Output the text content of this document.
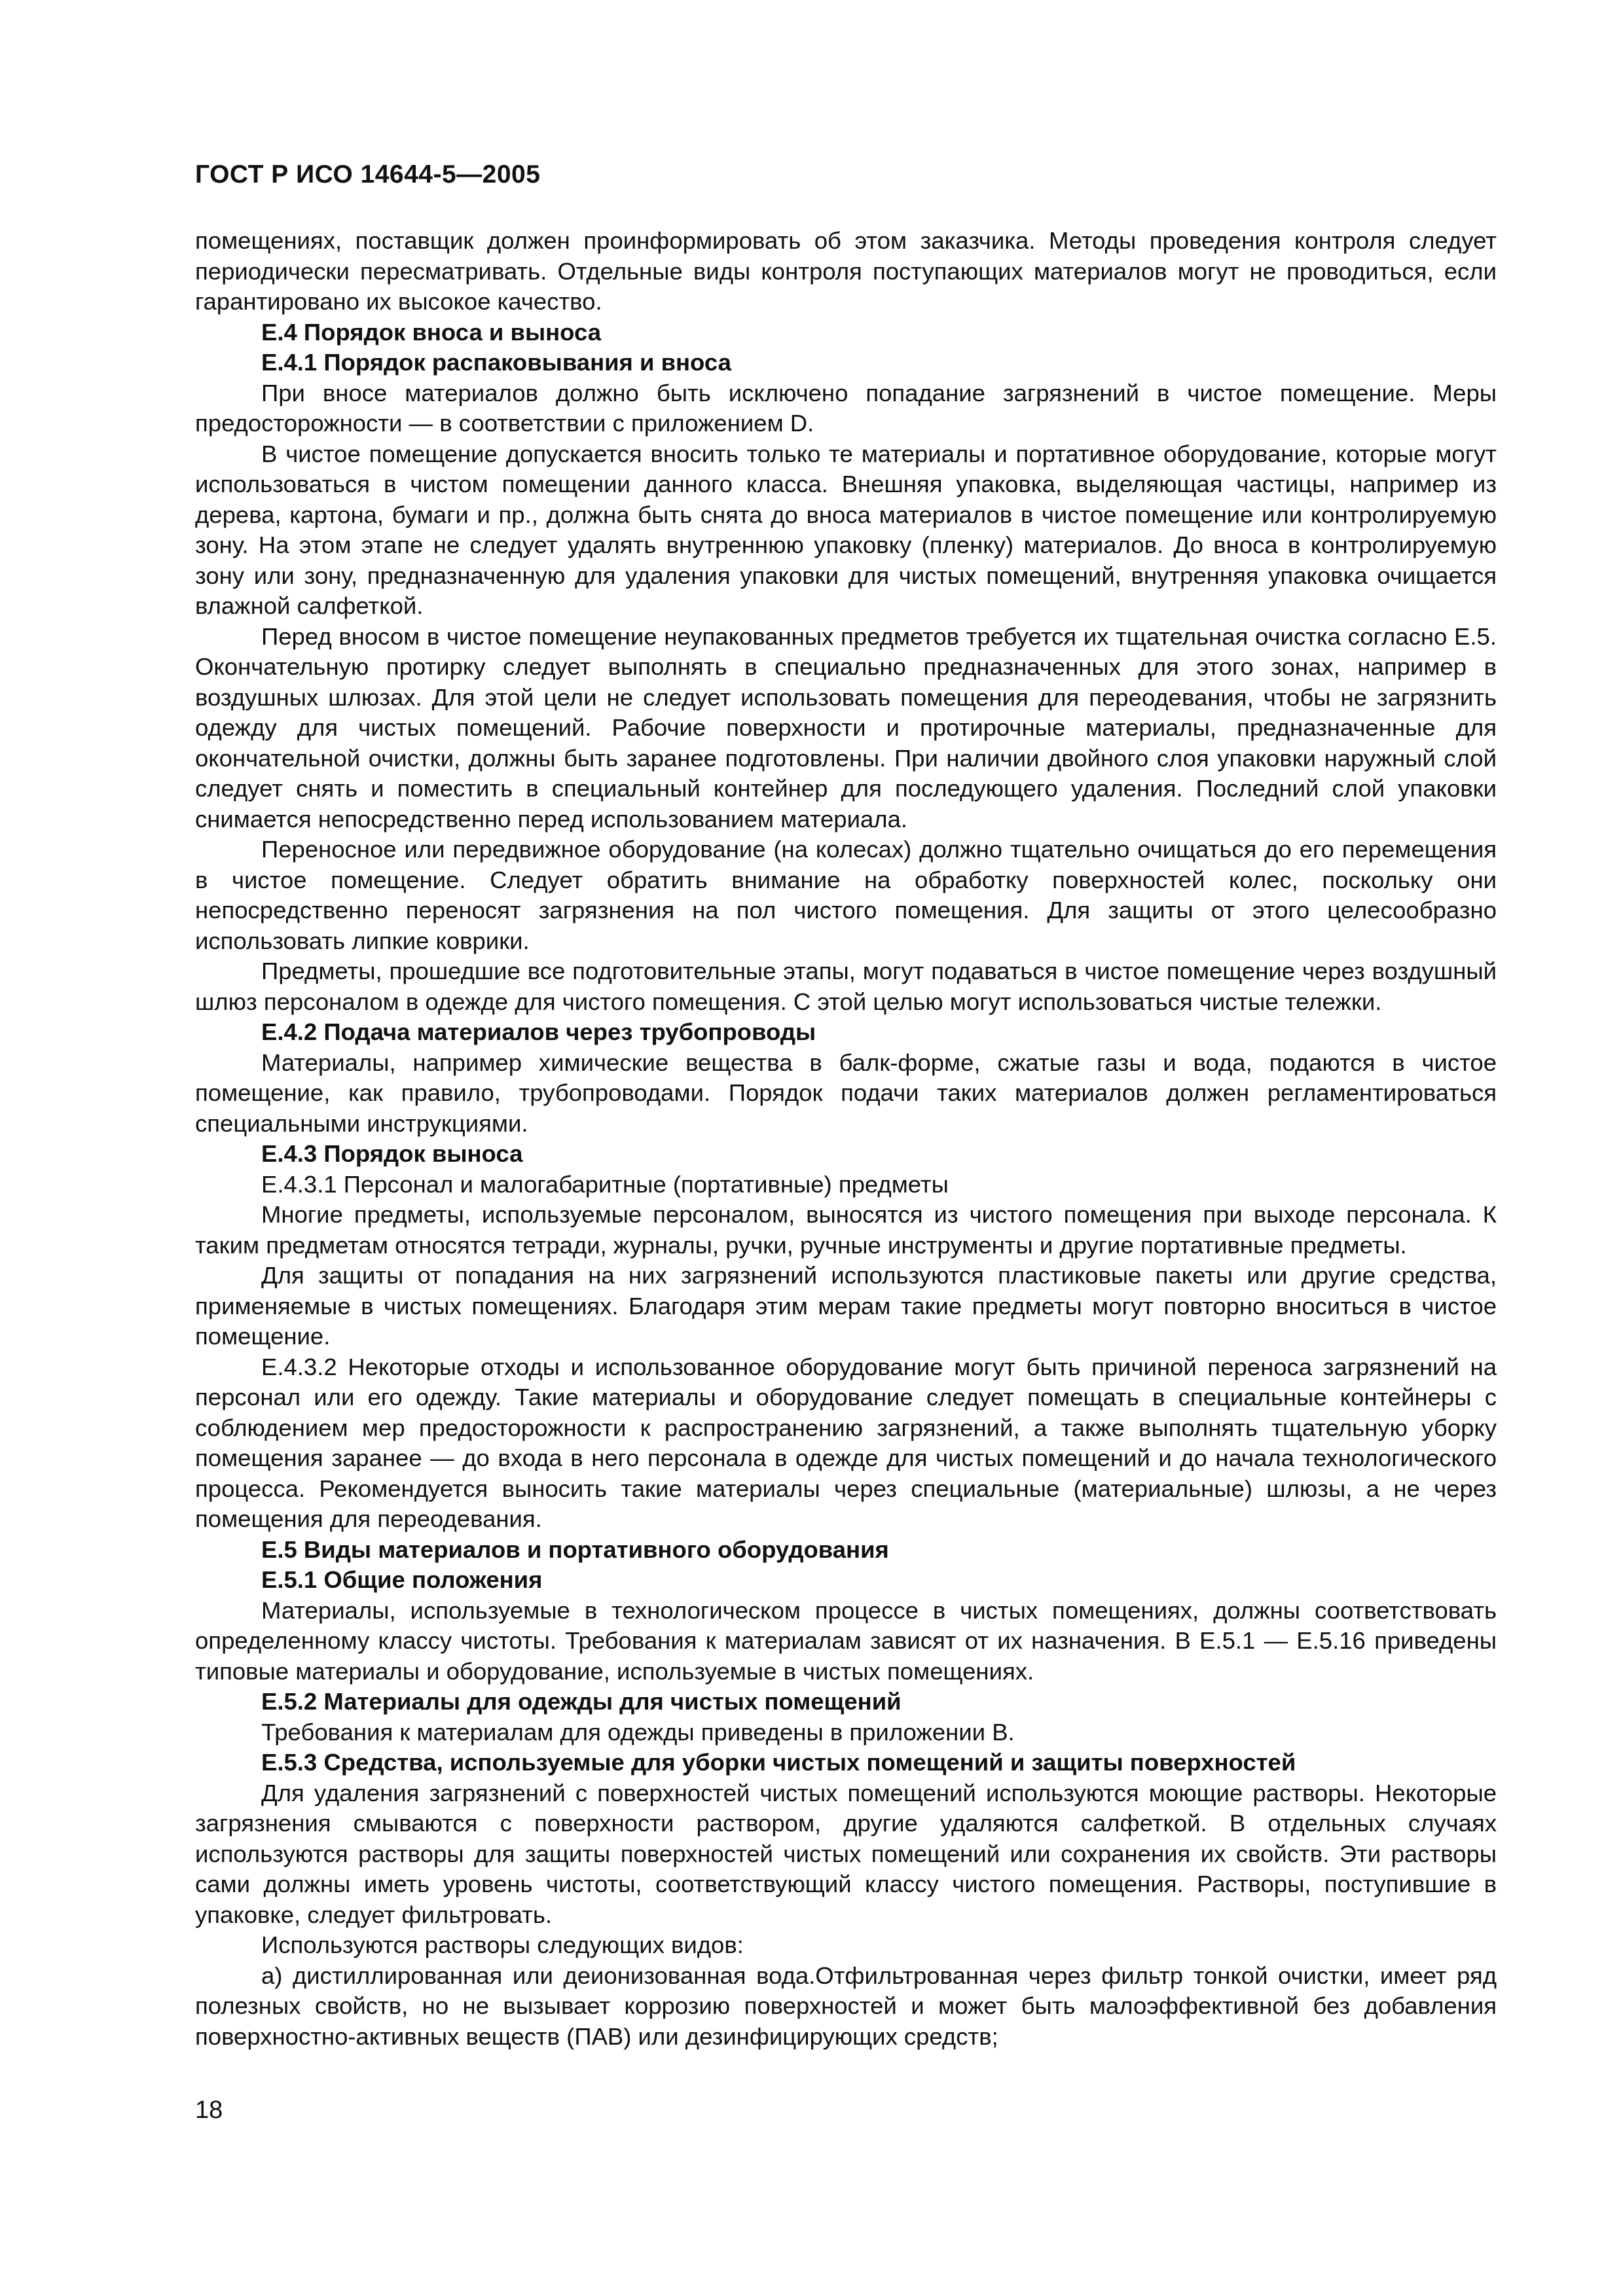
ГОСТ Р ИСО 14644-5—2005

помещениях, поставщик должен проинформировать об этом заказчика. Методы проведения контроля следует периодически пересматривать. Отдельные виды контроля поступающих материалов могут не проводиться, если гарантировано их высокое качество.

Е.4 Порядок вноса и выноса

Е.4.1 Порядок распаковывания и вноса

При вносе материалов должно быть исключено попадание загрязнений в чистое помещение. Меры предосторожности — в соответствии с приложением D.

В чистое помещение допускается вносить только те материалы и портативное оборудование, которые могут использоваться в чистом помещении данного класса. Внешняя упаковка, выделяющая частицы, например из дерева, картона, бумаги и пр., должна быть снята до вноса материалов в чистое помещение или контролируемую зону. На этом этапе не следует удалять внутреннюю упаковку (пленку) материалов. До вноса в контролируемую зону или зону, предназначенную для удаления упаковки для чистых помещений, внутренняя упаковка очищается влажной салфеткой.

Перед вносом в чистое помещение неупакованных предметов требуется их тщательная очистка согласно Е.5. Окончательную протирку следует выполнять в специально предназначенных для этого зонах, например в воздушных шлюзах. Для этой цели не следует использовать помещения для переодевания, чтобы не загрязнить одежду для чистых помещений. Рабочие поверхности и протирочные материалы, предназначенные для окончательной очистки, должны быть заранее подготовлены. При наличии двойного слоя упаковки наружный слой следует снять и поместить в специальный контейнер для последующего удаления. Последний слой упаковки снимается непосредственно перед использованием материала.

Переносное или передвижное оборудование (на колесах) должно тщательно очищаться до его перемещения в чистое помещение. Следует обратить внимание на обработку поверхностей колес, поскольку они непосредственно переносят загрязнения на пол чистого помещения. Для защиты от этого целесообразно использовать липкие коврики.

Предметы, прошедшие все подготовительные этапы, могут подаваться в чистое помещение через воздушный шлюз персоналом в одежде для чистого помещения. С этой целью могут использоваться чистые тележки.

Е.4.2 Подача материалов через трубопроводы

Материалы, например химические вещества в балк-форме, сжатые газы и вода, подаются в чистое помещение, как правило, трубопроводами. Порядок подачи таких материалов должен регламентироваться специальными инструкциями.

Е.4.3 Порядок выноса

Е.4.3.1 Персонал и малогабаритные (портативные) предметы

Многие предметы, используемые персоналом, выносятся из чистого помещения при выходе персонала. К таким предметам относятся тетради, журналы, ручки, ручные инструменты и другие портативные предметы.

Для защиты от попадания на них загрязнений используются пластиковые пакеты или другие средства, применяемые в чистых помещениях. Благодаря этим мерам такие предметы могут повторно вноситься в чистое помещение.

Е.4.3.2 Некоторые отходы и использованное оборудование могут быть причиной переноса загрязнений на персонал или его одежду. Такие материалы и оборудование следует помещать в специальные контейнеры с соблюдением мер предосторожности к распространению загрязнений, а также выполнять тщательную уборку помещения заранее — до входа в него персонала в одежде для чистых помещений и до начала технологического процесса. Рекомендуется выносить такие материалы через специальные (материальные) шлюзы, а не через помещения для переодевания.

Е.5 Виды материалов и портативного оборудования

Е.5.1 Общие положения

Материалы, используемые в технологическом процессе в чистых помещениях, должны соответствовать определенному классу чистоты. Требования к материалам зависят от их назначения. В Е.5.1 — Е.5.16 приведены типовые материалы и оборудование, используемые в чистых помещениях.

Е.5.2 Материалы для одежды для чистых помещений

Требования к материалам для одежды приведены в приложении В.

Е.5.3 Средства, используемые для уборки чистых помещений и защиты поверхностей

Для удаления загрязнений с поверхностей чистых помещений используются моющие растворы. Некоторые загрязнения смываются с поверхности раствором, другие удаляются салфеткой. В отдельных случаях используются растворы для защиты поверхностей чистых помещений или сохранения их свойств. Эти растворы сами должны иметь уровень чистоты, соответствующий классу чистого помещения. Растворы, поступившие в упаковке, следует фильтровать.

Используются растворы следующих видов:

a) дистиллированная или деионизованная вода.Отфильтрованная через фильтр тонкой очистки, имеет ряд полезных свойств, но не вызывает коррозию поверхностей и может быть малоэффективной без добавления поверхностно-активных веществ (ПАВ) или дезинфицирующих средств;

18
